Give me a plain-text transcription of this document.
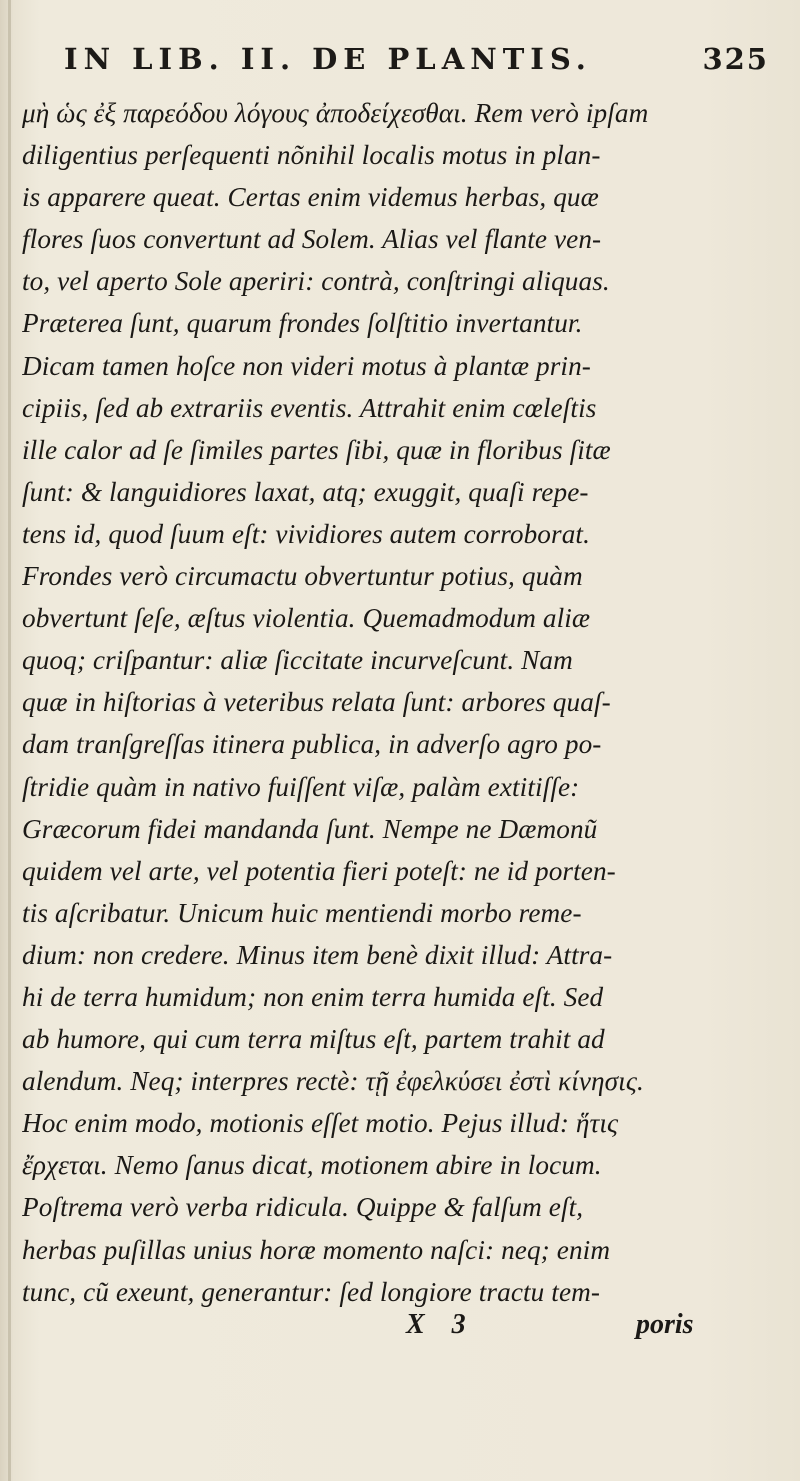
IN LIB. II. DE PLANTIS.	325
μὴ ὡς ἐξ παρεόδου λόγους ἀποδείχεσθαι. Rem verò ipſam
diligentius perſequenti nõnihil localis motus in plan-
is apparere queat. Certas enim videmus herbas, quæ
flores ſuos convertunt ad Solem. Alias vel flante ven-
to, vel aperto Sole aperiri: contrà, conſtringi aliquas.
Præterea ſunt, quarum frondes ſolſtitio invertantur.
Dicam tamen hoſce non videri motus à plantæ prin-
cipiis, ſed ab extrariis eventis. Attrahit enim cœleſtis
ille calor ad ſe ſimiles partes ſibi, quæ in floribus ſitæ
ſunt: & languidiores laxat, atq; exuggit, quaſi repe-
tens id, quod ſuum eſt: vividiores autem corroborat.
Frondes verò circumactu obvertuntur potius, quàm
obvertunt ſeſe, æſtus violentia. Quemadmodum aliæ
quoq; criſpantur: aliæ ſiccitate incurveſcunt. Nam
quæ in hiſtorias à veteribus relata ſunt: arbores quaſ-
dam tranſgreſſas itinera publica, in adverſo agro po-
ſtridie quàm in nativo fuiſſent viſæ, palàm extitiſſe:
Græcorum fidei mandanda ſunt. Nempe ne Dæmonũ
quidem vel arte, vel potentia fieri poteſt: ne id porten-
tis aſcribatur. Unicum huic mentiendi morbo reme-
dium: non credere. Minus item benè dixit illud: Attra-
hi de terra humidum; non enim terra humida eſt. Sed
ab humore, qui cum terra miſtus eſt, partem trahit ad
alendum. Neq; interpres rectè: τῇ ἐφελκύσει ἐστὶ κίνησις.
Hoc enim modo, motionis eſſet motio. Pejus illud: ἥτις
ἔρχεται. Nemo ſanus dicat, motionem abire in locum.
Poſtrema verò verba ridicula. Quippe & falſum eſt,
herbas puſillas unius horæ momento naſci: neq; enim
tunc, cũ exeunt, generantur: ſed longiore tractu tem-
X 3	poris
